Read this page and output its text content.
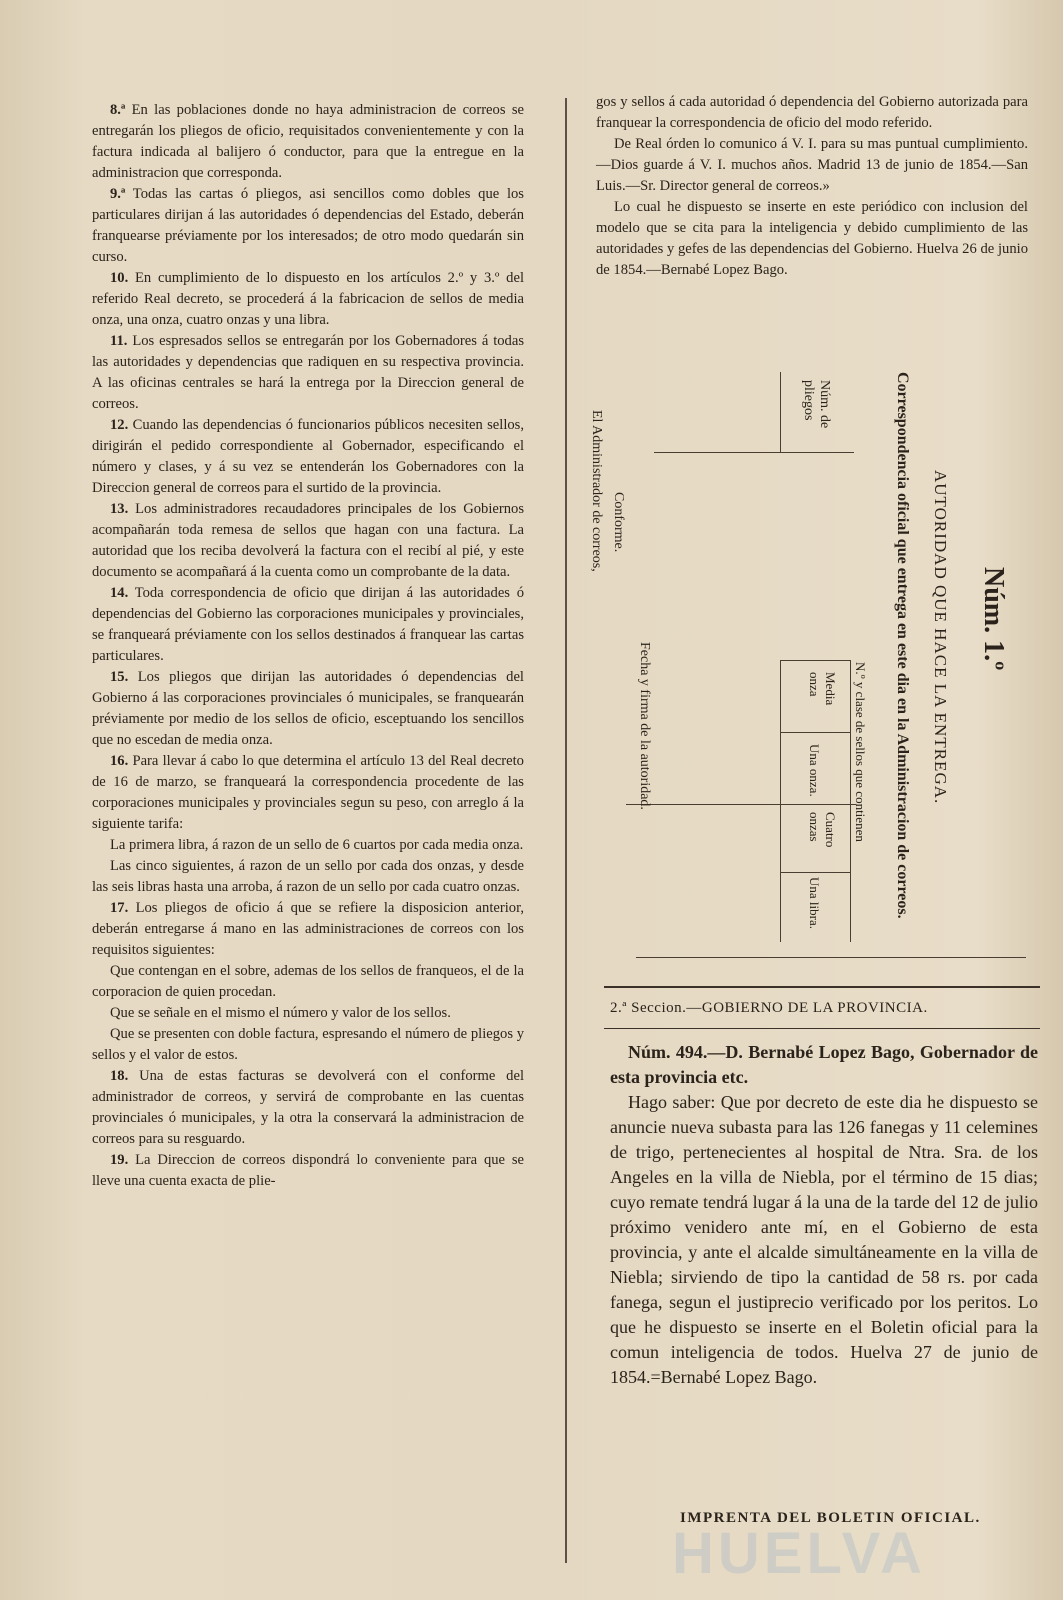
8.ª En las poblaciones donde no haya administracion de correos se entregarán los pliegos de oficio, requisitados convenientemente y con la factura indicada al balijero ó conductor, para que la entregue en la administracion que corresponda.

9.ª Todas las cartas ó pliegos, asi sencillos como dobles que los particulares dirijan á las autoridades ó dependencias del Estado, deberán franquearse préviamente por los interesados; de otro modo quedarán sin curso.

10. En cumplimiento de lo dispuesto en los artículos 2.º y 3.º del referido Real decreto, se procederá á la fabricacion de sellos de media onza, una onza, cuatro onzas y una libra.

11. Los espresados sellos se entregarán por los Gobernadores á todas las autoridades y dependencias que radiquen en su respectiva provincia. A las oficinas centrales se hará la entrega por la Direccion general de correos.

12. Cuando las dependencias ó funcionarios públicos necesiten sellos, dirigirán el pedido correspondiente al Gobernador, especificando el número y clases, y á su vez se entenderán los Gobernadores con la Direccion general de correos para el surtido de la provincia.

13. Los administradores recaudadores principales de los Gobiernos acompañarán toda remesa de sellos que hagan con una factura. La autoridad que los reciba devolverá la factura con el recibí al pié, y este documento se acompañará á la cuenta como un comprobante de la data.

14. Toda correspondencia de oficio que dirijan á las autoridades ó dependencias del Gobierno las corporaciones municipales y provinciales, se franqueará préviamente con los sellos destinados á franquear las cartas particulares.

15. Los pliegos que dirijan las autoridades ó dependencias del Gobierno á las corporaciones provinciales ó municipales, se franquearán préviamente por medio de los sellos de oficio, esceptuando los sencillos que no escedan de media onza.

16. Para llevar á cabo lo que determina el artículo 13 del Real decreto de 16 de marzo, se franqueará la correspondencia procedente de las corporaciones municipales y provinciales segun su peso, con arreglo á la siguiente tarifa:

La primera libra, á razon de un sello de 6 cuartos por cada media onza.

Las cinco siguientes, á razon de un sello por cada dos onzas, y desde las seis libras hasta una arroba, á razon de un sello por cada cuatro onzas.

17. Los pliegos de oficio á que se refiere la disposicion anterior, deberán entregarse á mano en las administraciones de correos con los requisitos siguientes:

Que contengan en el sobre, ademas de los sellos de franqueos, el de la corporacion de quien procedan.

Que se señale en el mismo el número y valor de los sellos.

Que se presenten con doble factura, espresando el número de pliegos y sellos y el valor de estos.

18. Una de estas facturas se devolverá con el conforme del administrador de correos, y servirá de comprobante en las cuentas provinciales ó municipales, y la otra la conservará la administracion de correos para su resguardo.

19. La Direccion de correos dispondrá lo conveniente para que se lleve una cuenta exacta de plie-

gos y sellos á cada autoridad ó dependencia del Gobierno autorizada para franquear la correspondencia de oficio del modo referido.

De Real órden lo comunico á V. I. para su mas puntual cumplimiento. —Dios guarde á V. I. muchos años. Madrid 13 de junio de 1854.—San Luis.—Sr. Director general de correos.»

Lo cual he dispuesto se inserte en este periódico con inclusion del modelo que se cita para la inteligencia y debido cumplimiento de las autoridades y gefes de las dependencias del Gobierno. Huelva 26 de junio de 1854.—Bernabé Lopez Bago.

Núm. 1.º
AUTORIDAD QUE HACE LA ENTREGA.
Correspondencia oficial que entrega en este dia en la Administracion de correos.
Núm. de pliegos
N.º y clase de sellos que contienen
Media onza
Una onza.
Cuatro onzas
Una libra.
Fecha y firma de la autoridad.
Conforme.
El Administrador de correos,
2.ª Seccion.—GOBIERNO DE LA PROVINCIA.

Núm. 494.—D. Bernabé Lopez Bago, Gobernador de esta provincia etc.

Hago saber: Que por decreto de este dia he dispuesto se anuncie nueva subasta para las 126 fanegas y 11 celemines de trigo, pertenecientes al hospital de Ntra. Sra. de los Angeles en la villa de Niebla, por el término de 15 dias; cuyo remate tendrá lugar á la una de la tarde del 12 de julio próximo venidero ante mí, en el Gobierno de esta provincia, y ante el alcalde simultáneamente en la villa de Niebla; sirviendo de tipo la cantidad de 58 rs. por cada fanega, segun el justiprecio verificado por los peritos. Lo que he dispuesto se inserte en el Boletin oficial para la comun inteligencia de todos. Huelva 27 de junio de 1854.=Bernabé Lopez Bago.

IMPRENTA DEL BOLETIN OFICIAL.
HUELVA
